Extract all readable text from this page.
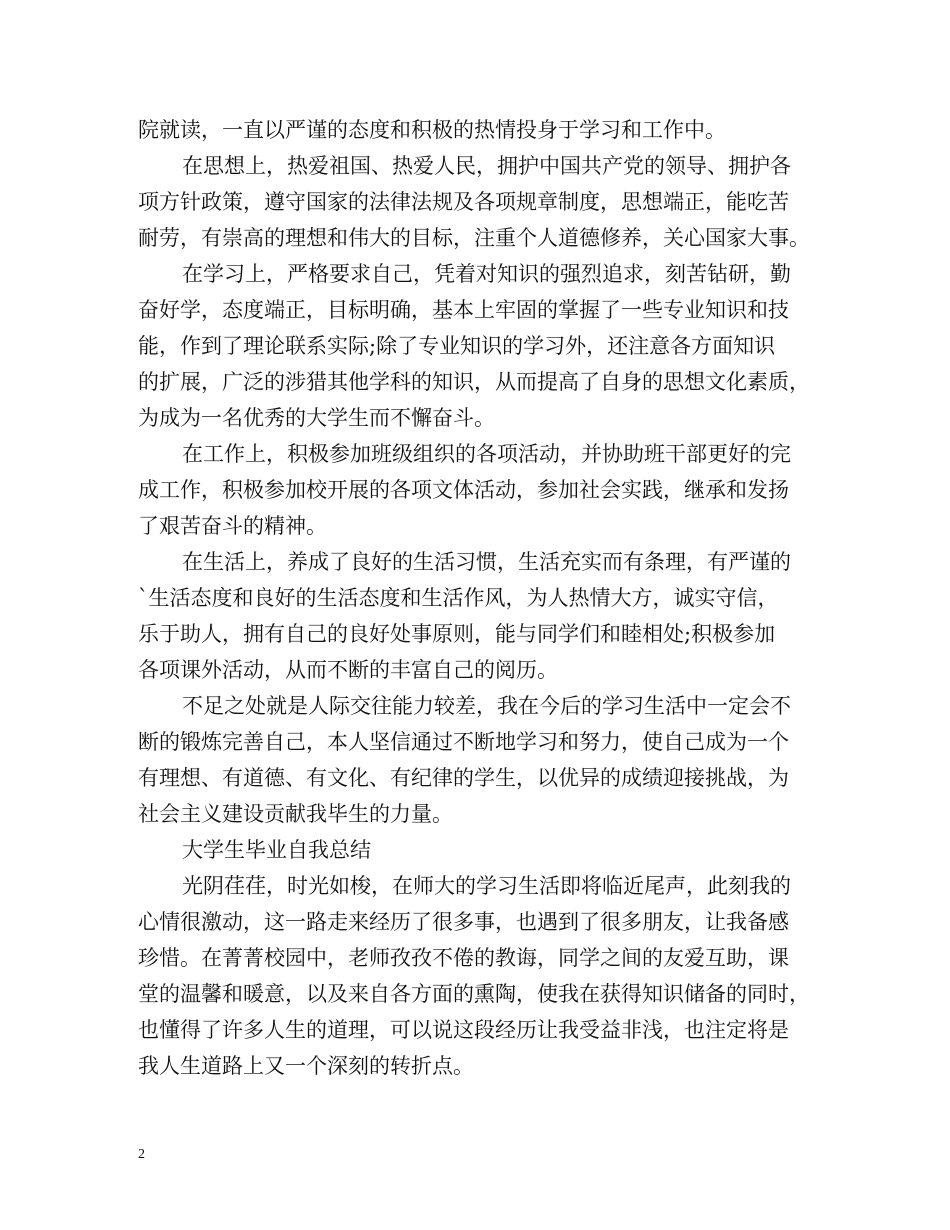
院就读，一直以严谨的态度和积极的热情投身于学习和工作中。
在思想上，热爱祖国、热爱人民，拥护中国共产党的领导、拥护各
项方针政策，遵守国家的法律法规及各项规章制度，思想端正，能吃苦
耐劳，有崇高的理想和伟大的目标，注重个人道德修养，关心国家大事。
在学习上，严格要求自己，凭着对知识的强烈追求，刻苦钻研，勤
奋好学，态度端正，目标明确，基本上牢固的掌握了一些专业知识和技
能，作到了理论联系实际;除了专业知识的学习外，还注意各方面知识
的扩展，广泛的涉猎其他学科的知识，从而提高了自身的思想文化素质，
为成为一名优秀的大学生而不懈奋斗。
在工作上，积极参加班级组织的各项活动，并协助班干部更好的完
成工作，积极参加校开展的各项文体活动，参加社会实践，继承和发扬
了艰苦奋斗的精神。
在生活上，养成了良好的生活习惯，生活充实而有条理，有严谨的
`生活态度和良好的生活态度和生活作风，为人热情大方，诚实守信，
乐于助人，拥有自己的良好处事原则，能与同学们和睦相处;积极参加
各项课外活动，从而不断的丰富自己的阅历。
不足之处就是人际交往能力较差，我在今后的学习生活中一定会不
断的锻炼完善自己，本人坚信通过不断地学习和努力，使自己成为一个
有理想、有道德、有文化、有纪律的学生，以优异的成绩迎接挑战，为
社会主义建设贡献我毕生的力量。
大学生毕业自我总结
光阴荏荏，时光如梭，在师大的学习生活即将临近尾声，此刻我的
心情很激动，这一路走来经历了很多事，也遇到了很多朋友，让我备感
珍惜。在菁菁校园中，老师孜孜不倦的教诲，同学之间的友爱互助，课
堂的温馨和暖意，以及来自各方面的熏陶，使我在获得知识储备的同时，
也懂得了许多人生的道理，可以说这段经历让我受益非浅，也注定将是
我人生道路上又一个深刻的转折点。
2
